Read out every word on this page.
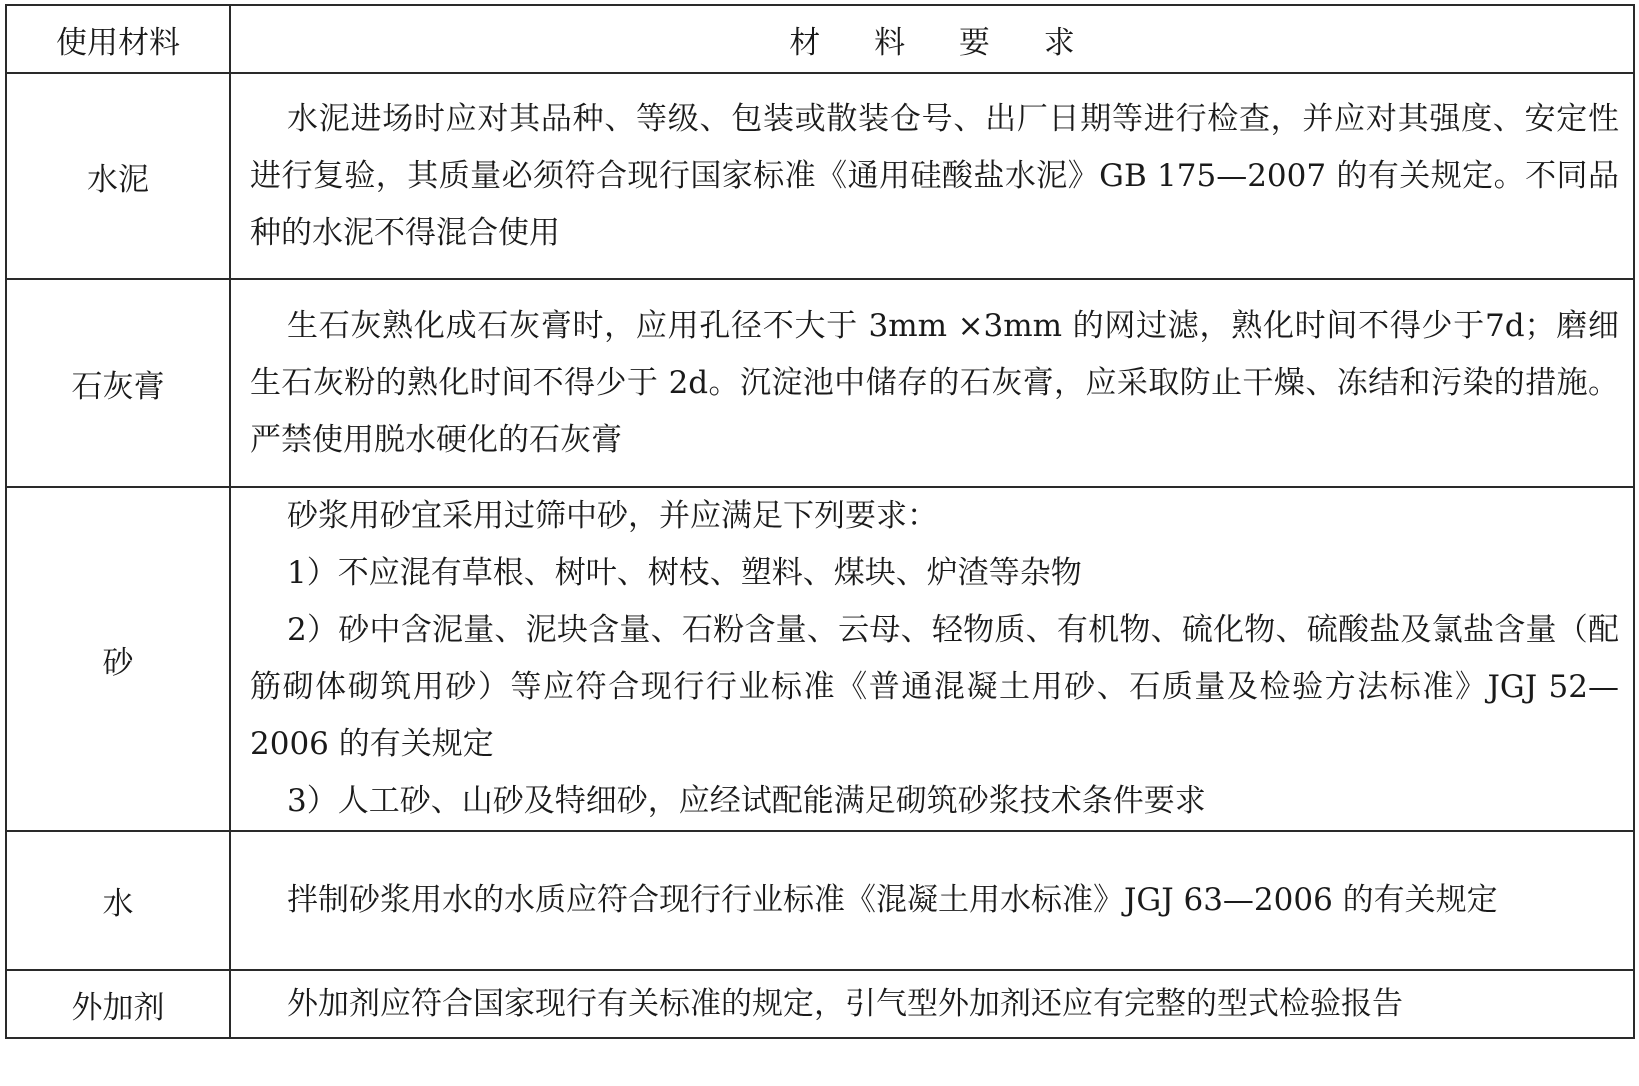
使用材料	材 料 要 求
水泥	水泥进场时应对其品种、等级、包装或散装仓号、出厂日期等进行检查，并应对其强度、安定性进行复验，其质量必须符合现行国家标准《通用硅酸盐水泥》GB 175—2007 的有关规定。不同品种的水泥不得混合使用

石灰膏	生石灰熟化成石灰膏时，应用孔径不大于 3mm ×3mm 的网过滤，熟化时间不得少于7d；磨细生石灰粉的熟化时间不得少于 2d。沉淀池中储存的石灰膏，应采取防止干燥、冻结和污染的措施。严禁使用脱水硬化的石灰膏

砂	砂浆用砂宜采用过筛中砂，并应满足下列要求：

1）不应混有草根、树叶、树枝、塑料、煤块、炉渣等杂物

2）砂中含泥量、泥块含量、石粉含量、云母、轻物质、有机物、硫化物、硫酸盐及氯盐含量（配筋砌体砌筑用砂）等应符合现行行业标准《普通混凝土用砂、石质量及检验方法标准》JGJ 52—2006 的有关规定

3）人工砂、山砂及特细砂，应经试配能满足砌筑砂浆技术条件要求

水	拌制砂浆用水的水质应符合现行行业标准《混凝土用水标准》JGJ 63—2006 的有关规定

外加剂	外加剂应符合国家现行有关标准的规定，引气型外加剂还应有完整的型式检验报告
